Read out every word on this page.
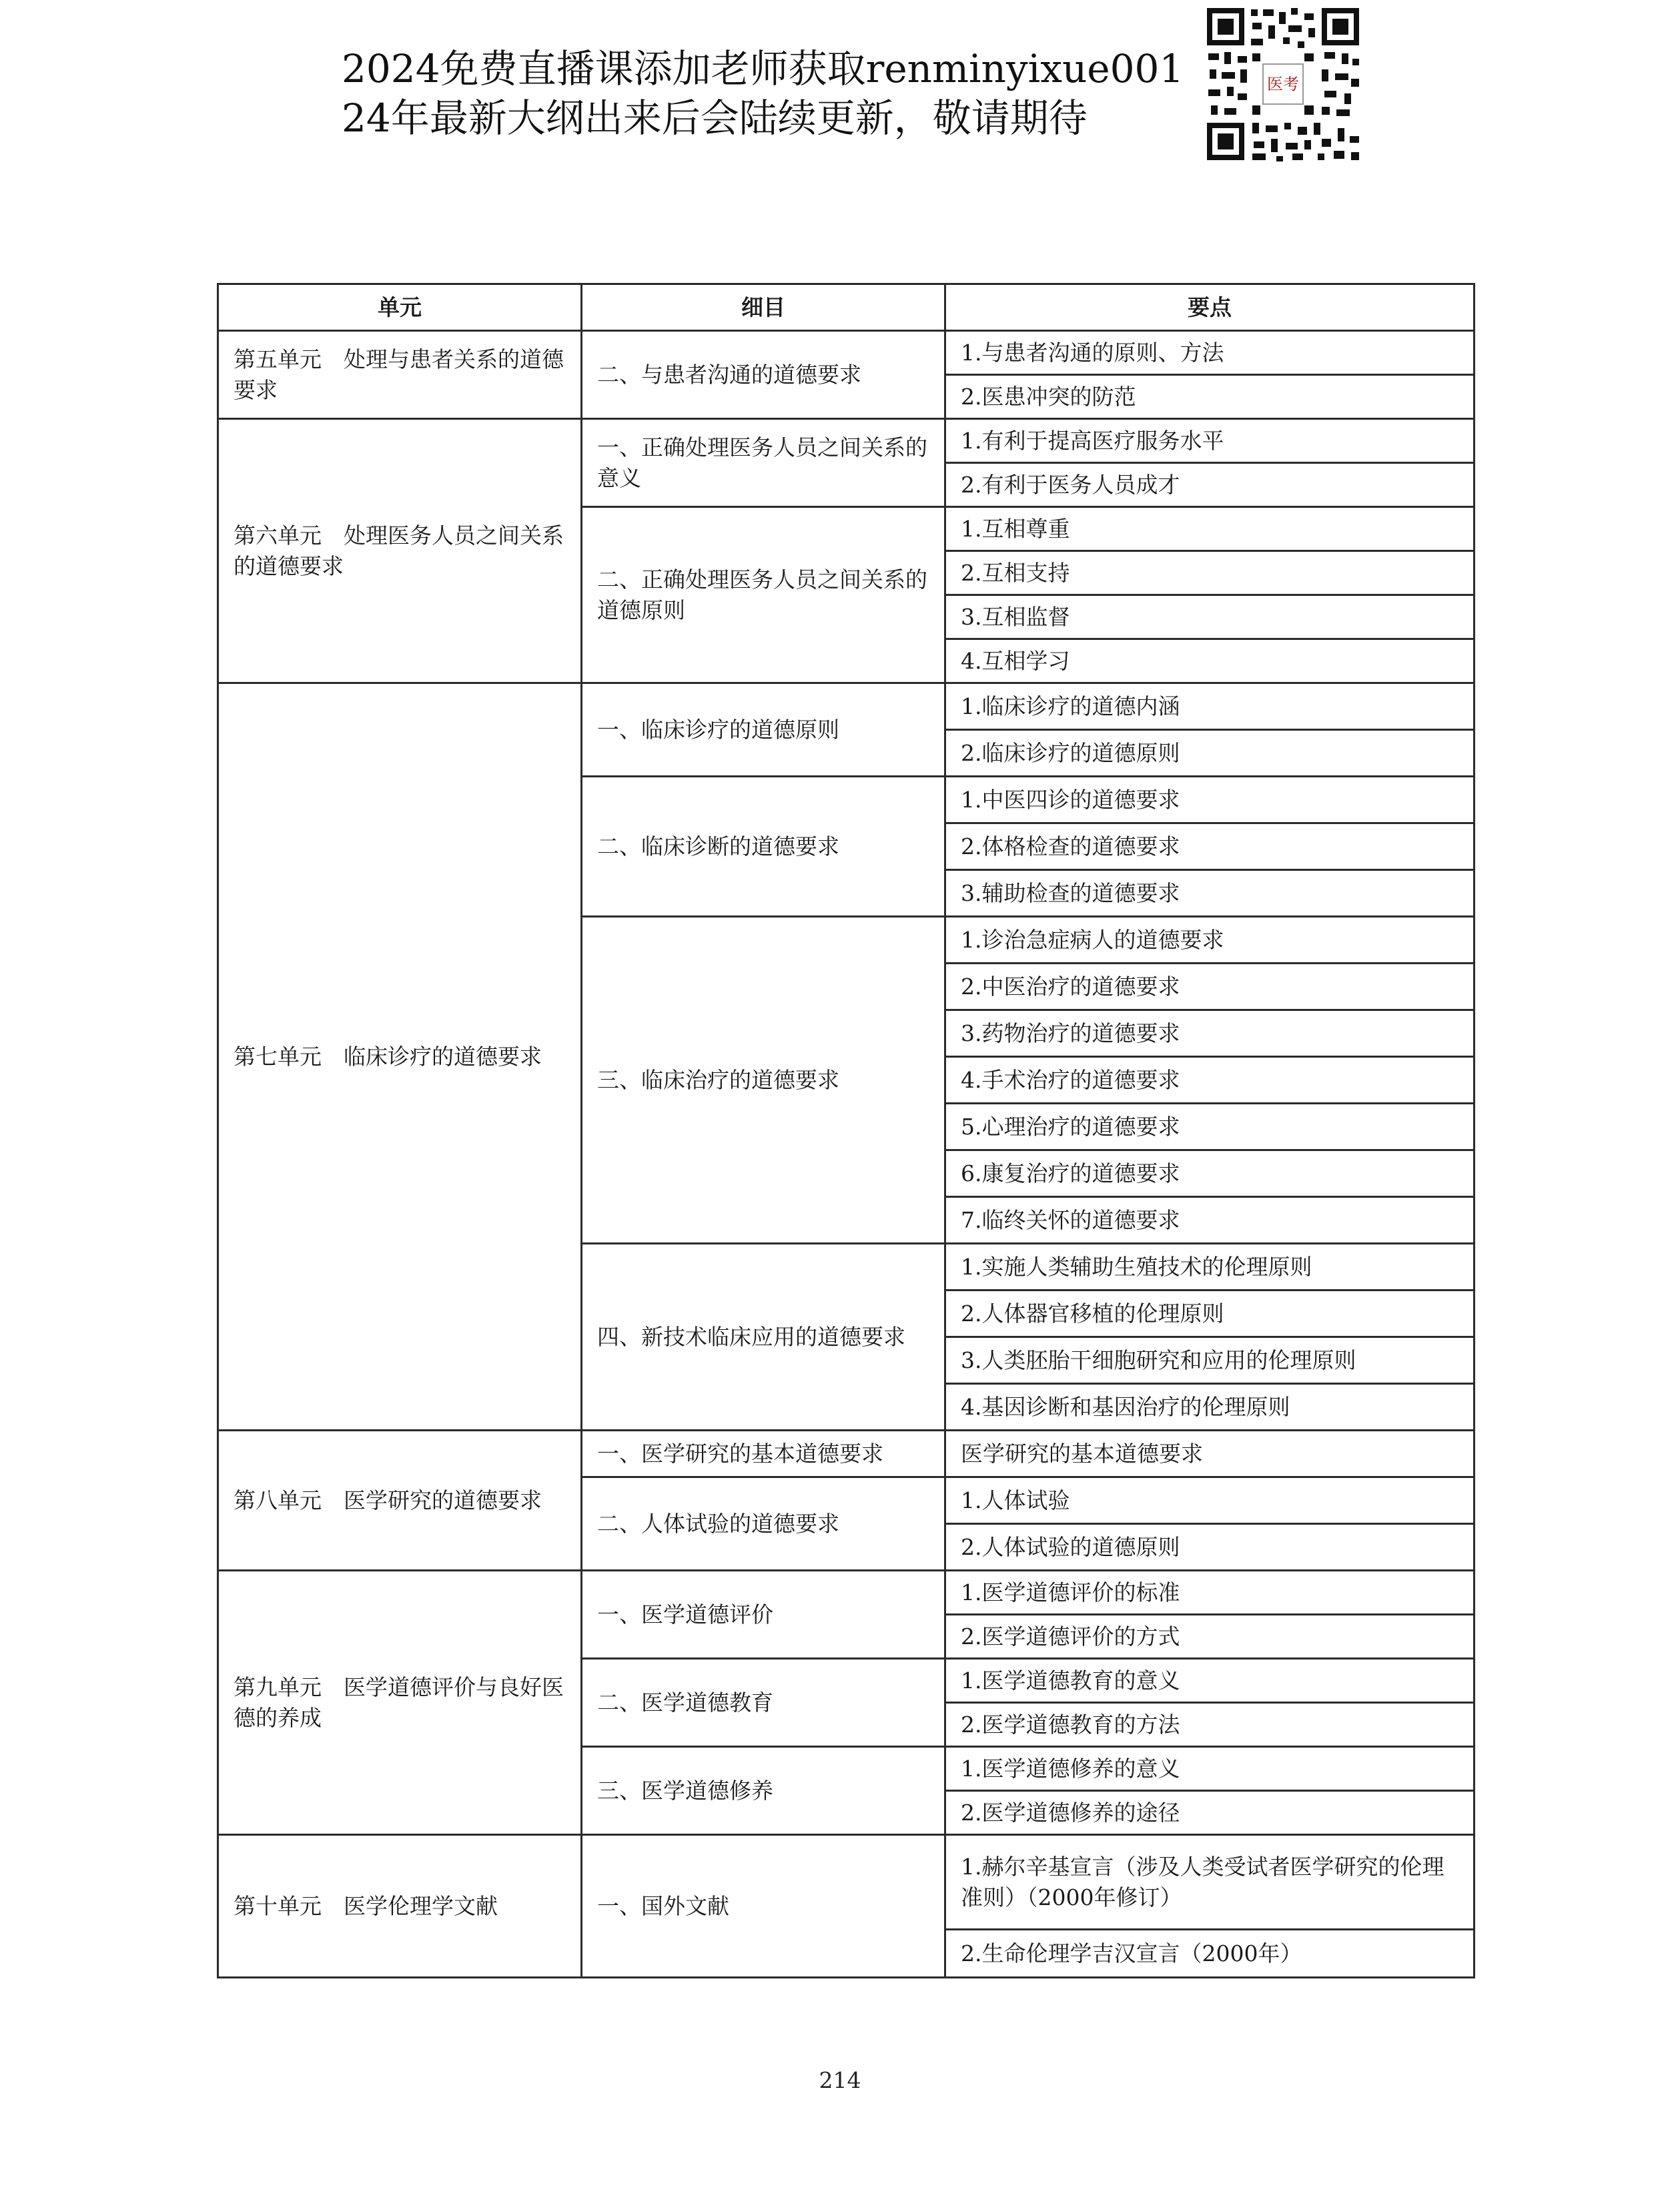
2024免费直播课添加老师获取renminyixue001
24年最新大纲出来后会陆续更新，敬请期待
医考
单元	细目	要点
第五单元　处理与患者关系的道德要求	二、与患者沟通的道德要求	1.与患者沟通的原则、方法
		2.医患冲突的防范
第六单元　处理医务人员之间关系的道德要求	一、正确处理医务人员之间关系的意义	1.有利于提高医疗服务水平
		2.有利于医务人员成才
	二、正确处理医务人员之间关系的道德原则	1.互相尊重
		2.互相支持
		3.互相监督
		4.互相学习
第七单元　临床诊疗的道德要求	一、临床诊疗的道德原则	1.临床诊疗的道德内涵
		2.临床诊疗的道德原则
	二、临床诊断的道德要求	1.中医四诊的道德要求
		2.体格检查的道德要求
		3.辅助检查的道德要求
	三、临床治疗的道德要求	1.诊治急症病人的道德要求
		2.中医治疗的道德要求
		3.药物治疗的道德要求
		4.手术治疗的道德要求
		5.心理治疗的道德要求
		6.康复治疗的道德要求
		7.临终关怀的道德要求
	四、新技术临床应用的道德要求	1.实施人类辅助生殖技术的伦理原则
		2.人体器官移植的伦理原则
		3.人类胚胎干细胞研究和应用的伦理原则
		4.基因诊断和基因治疗的伦理原则
第八单元　医学研究的道德要求	一、医学研究的基本道德要求	医学研究的基本道德要求
	二、人体试验的道德要求	1.人体试验
		2.人体试验的道德原则
第九单元　医学道德评价与良好医德的养成	一、医学道德评价	1.医学道德评价的标准
		2.医学道德评价的方式
	二、医学道德教育	1.医学道德教育的意义
		2.医学道德教育的方法
	三、医学道德修养	1.医学道德修养的意义
		2.医学道德修养的途径
第十单元　医学伦理学文献	一、国外文献	1.赫尔辛基宣言（涉及人类受试者医学研究的伦理准则）（2000年修订）
		2.生命伦理学吉汉宣言（2000年）
214
